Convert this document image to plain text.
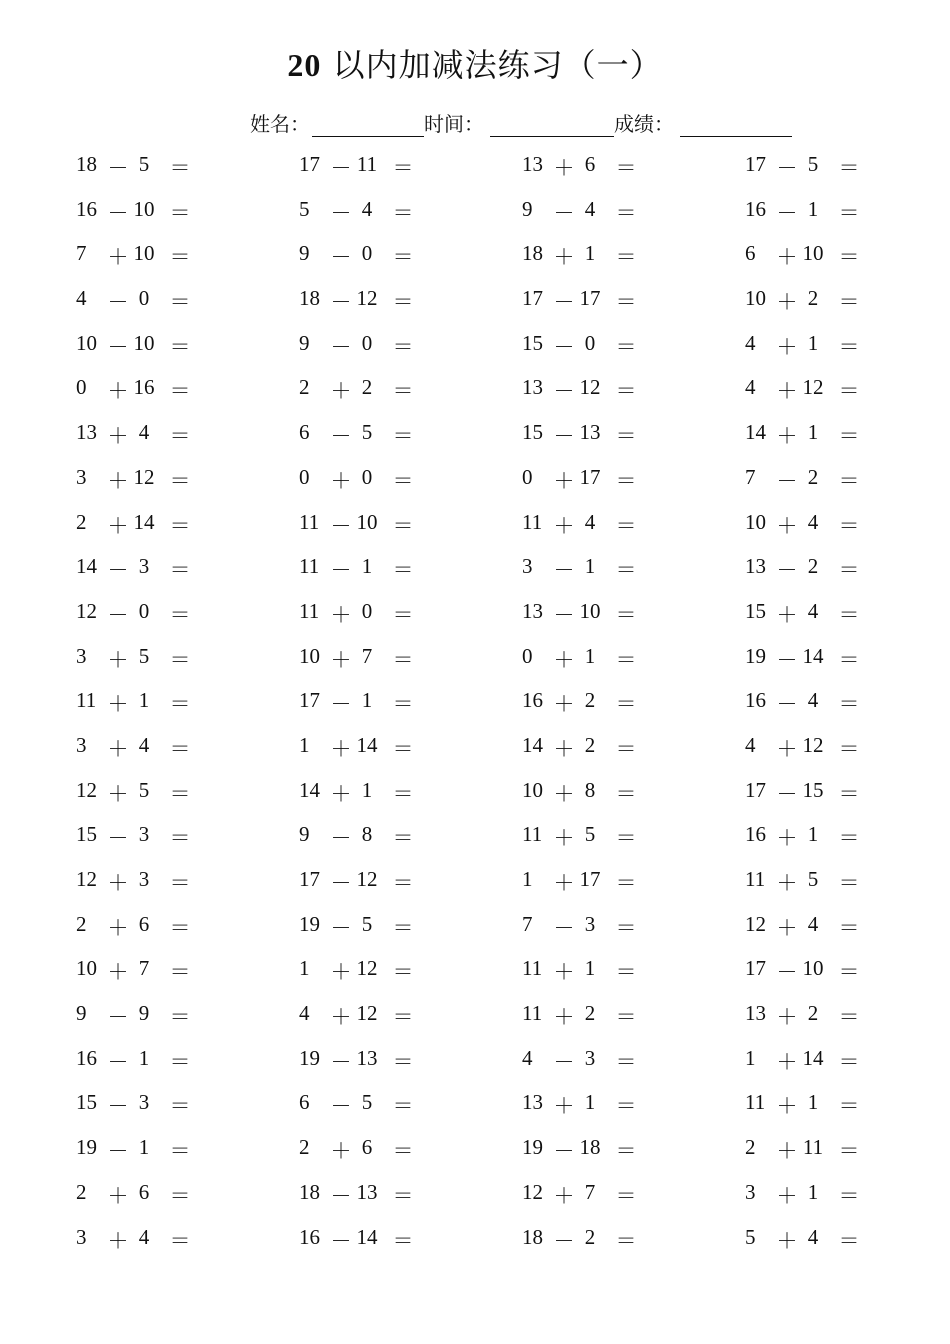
20 以内加减法练习（一）
姓名：	时间：	成绩：
18 － 5 ＝	17 － 11 ＝	13 ＋ 6 ＝	17 － 5 ＝
16 － 10 ＝	5	－ 4 ＝	9	－ 4 ＝	16 － 1 ＝
7	＋ 10 ＝	9	－ 0 ＝	18 ＋ 1 ＝	6	＋ 10 ＝
4	－ 0 ＝	18 － 12 ＝	17 － 17 ＝	10 ＋ 2 ＝
10 － 10 ＝	9	－ 0 ＝	15 － 0 ＝	4	＋ 1 ＝
0	＋ 16 ＝	2	＋ 2 ＝	13 － 12 ＝	4	＋ 12 ＝
13 ＋ 4 ＝	6	－ 5 ＝	15 － 13 ＝	14 ＋ 1 ＝
3	＋ 12 ＝	0	＋ 0 ＝	0	＋ 17 ＝	7	－ 2 ＝
2	＋ 14 ＝	11 － 10 ＝	11 ＋ 4 ＝	10 ＋ 4 ＝
14 － 3 ＝	11 － 1 ＝	3	－ 1 ＝	13 － 2 ＝
12 － 0 ＝	11 ＋ 0 ＝	13 － 10 ＝	15 ＋ 4 ＝
3	＋ 5 ＝	10 ＋ 7 ＝	0	＋ 1 ＝	19 － 14 ＝
11 ＋ 1 ＝	17 － 1 ＝	16 ＋ 2 ＝	16 － 4 ＝
3	＋ 4 ＝	1	＋ 14 ＝	14 ＋ 2 ＝	4	＋ 12 ＝
12 ＋ 5 ＝	14 ＋ 1 ＝	10 ＋ 8 ＝	17 － 15 ＝
15 － 3 ＝	9	－ 8 ＝	11 ＋ 5 ＝	16 ＋ 1 ＝
12 ＋ 3 ＝	17 － 12 ＝	1	＋ 17 ＝	11 ＋ 5 ＝
2	＋ 6 ＝	19 － 5 ＝	7	－ 3 ＝	12 ＋ 4 ＝
10 ＋ 7 ＝	1	＋ 12 ＝	11 ＋ 1 ＝	17 － 10 ＝
9	－ 9 ＝	4	＋ 12 ＝	11 ＋ 2 ＝	13 ＋ 2 ＝
16 － 1 ＝	19 － 13 ＝	4	－ 3 ＝	1	＋ 14 ＝
15 － 3 ＝	6	－ 5 ＝	13 ＋ 1 ＝	11 ＋ 1 ＝
19 － 1 ＝	2	＋ 6 ＝	19 － 18 ＝	2	＋ 11 ＝
2	＋ 6 ＝	18 － 13 ＝	12 ＋ 7 ＝	3	＋ 1 ＝
3	＋ 4 ＝	16 － 14 ＝	18 － 2 ＝	5	＋ 4 ＝
